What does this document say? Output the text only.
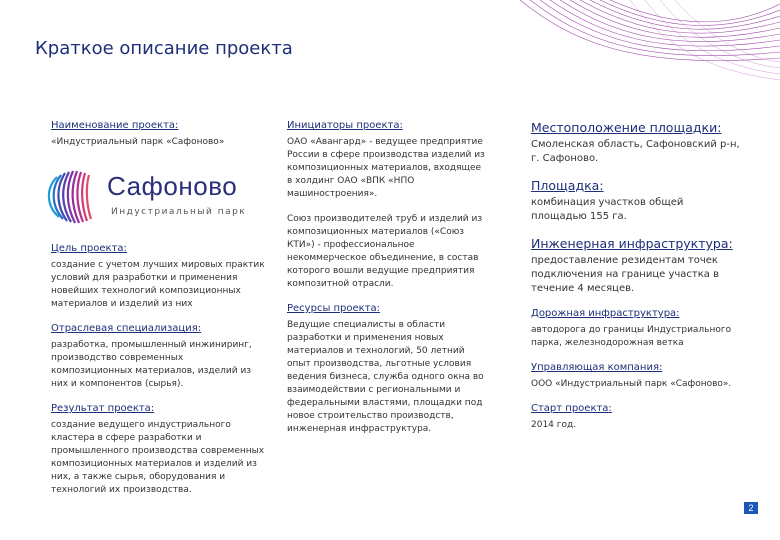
Краткое описание проекта

Наименование проекта:

«Индустриальный парк «Сафоново»

Сафоново
Индустриальный парк

Цель проекта:

создание с учетом лучших мировых практик условий для разработки и применения новейших технологий композиционных материалов и изделий из них

Отраслевая специализация:

разработка, промышленный инжиниринг, производство современных композиционных материалов, изделий из них и компонентов (сырья).

Результат проекта:

создание ведущего индустриального кластера в сфере разработки и промышленного производства современных композиционных материалов и изделий из них, а также сырья, оборудования и технологий их производства.

Инициаторы проекта:

ОАО «Авангард» - ведущее предприятие России в сфере производства изделий из композиционных материалов, входящее в холдинг ОАО «ВПК «НПО машиностроения».

Союз производителей труб и изделий из композиционных материалов («Союз КТИ») - профессиональное некоммерческое объединение, в состав которого вошли ведущие предприятия композитной отрасли.

Ресурсы проекта:

Ведущие специалисты в области разработки и применения новых материалов и технологий, 50 летний опыт производства, льготные условия ведения бизнеса, служба одного окна во взаимодействии с региональными и федеральными властями, площадки под новое строительство производств, инженерная инфраструктура.

Местоположение площадки:

Смоленская область, Сафоновский р-н, г. Сафоново.

Площадка:

комбинация участков общей площадью 155 га.

Инженерная инфраструктура:

предоставление резидентам точек подключения на границе участка в течение 4 месяцев.

Дорожная инфраструктура:

автодорога до границы Индустриального парка, железнодорожная ветка

Управляющая компания:

ООО «Индустриальный парк «Сафоново».

Старт проекта:

2014 год.

2
